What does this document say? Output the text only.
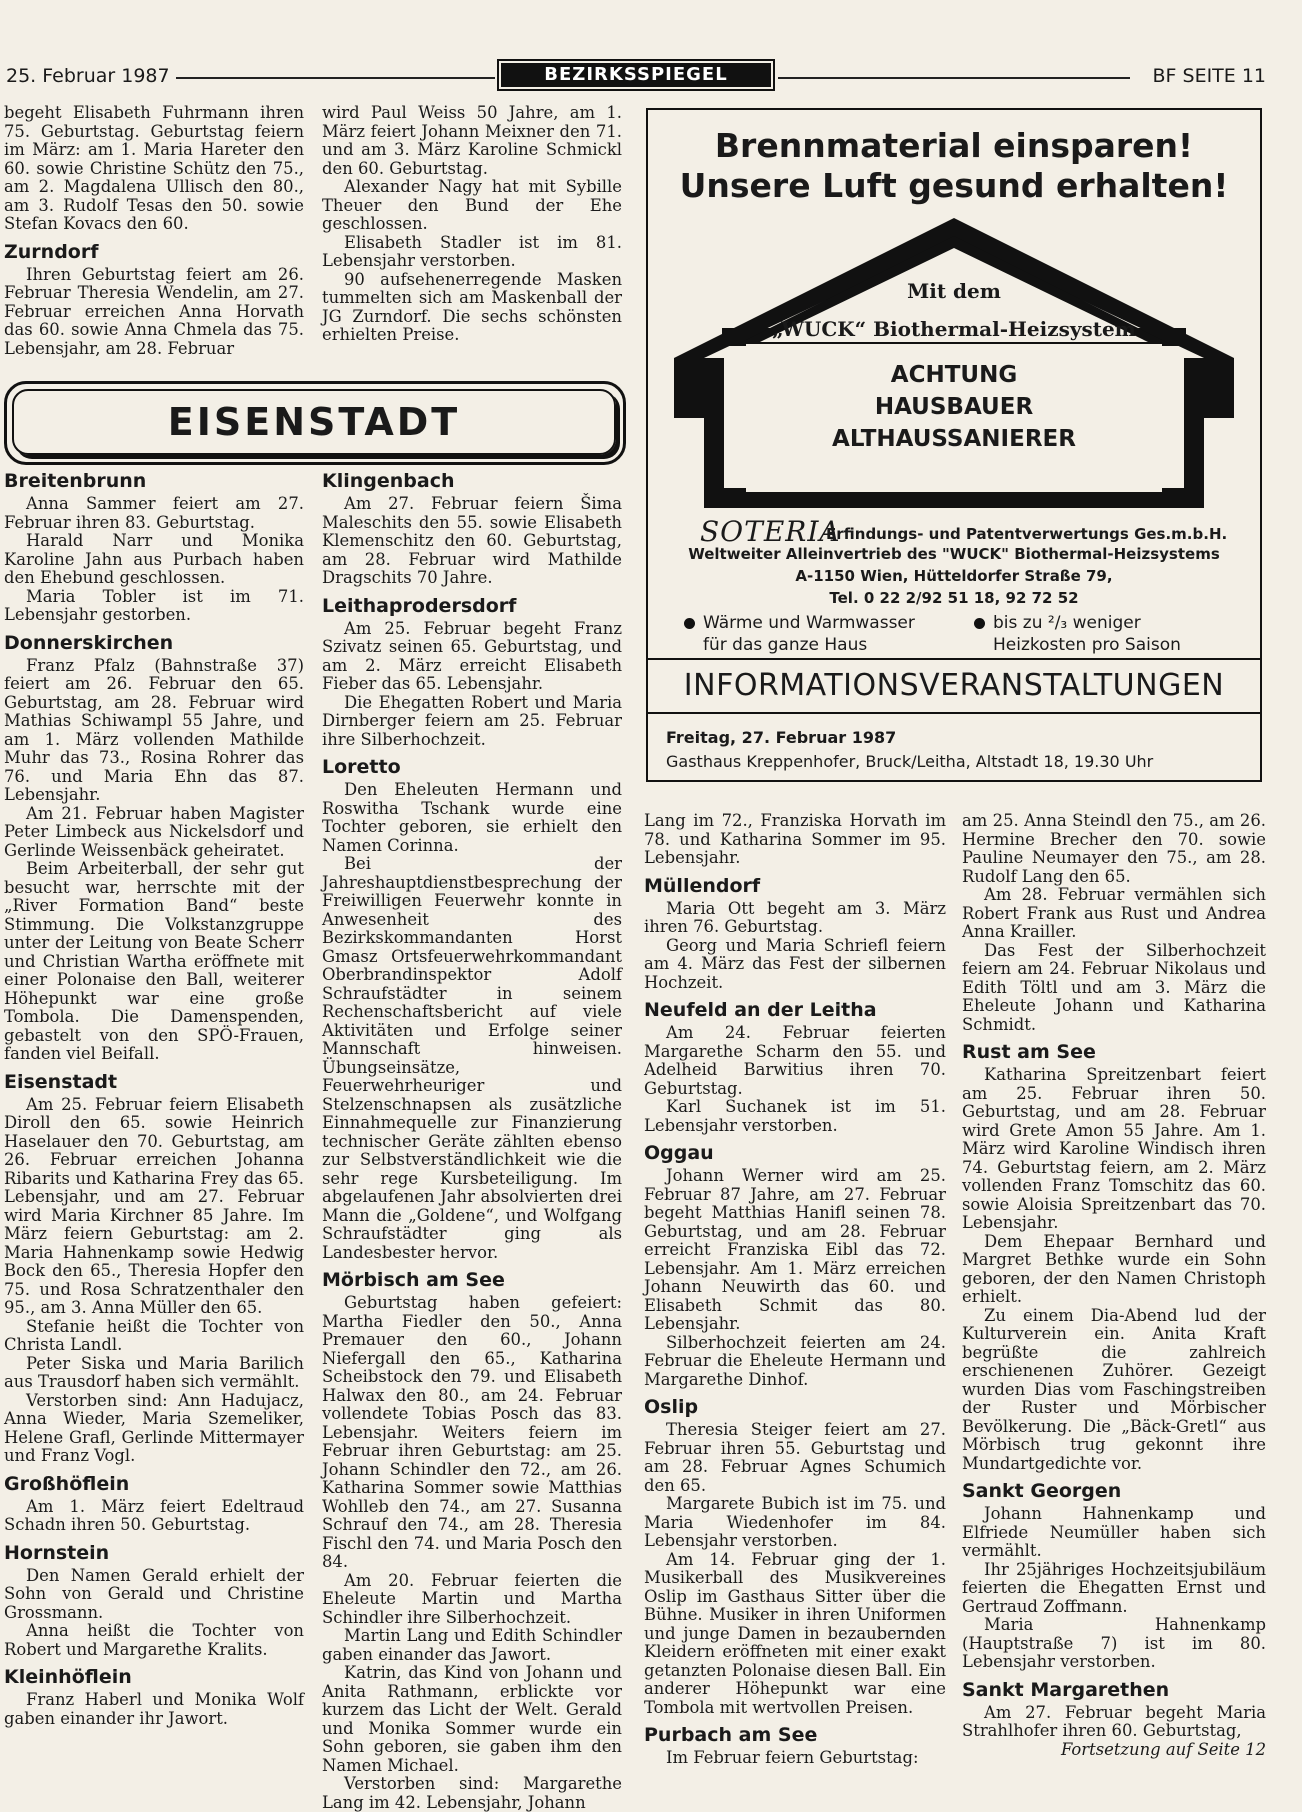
25. Februar 1987	BEZIRKSSPIEGEL	BF SEITE 11

begeht Elisabeth Fuhrmann ihren 75. Geburtstag. Geburtstag feiern im März: am 1. Maria Hareter den 60. sowie Christine Schütz den 75., am 2. Magdalena Ullisch den 80., am 3. Rudolf Tesas den 50. sowie Stefan Kovacs den 60.

Zurndorf

Ihren Geburtstag feiert am 26. Februar Theresia Wendelin, am 27. Februar erreichen Anna Horvath das 60. sowie Anna Chmela das 75. Lebensjahr, am 28. Februar

wird Paul Weiss 50 Jahre, am 1. März feiert Johann Meixner den 71. und am 3. März Karoline Schmickl den 60. Geburtstag.

Alexander Nagy hat mit Sybille Theuer den Bund der Ehe geschlossen.

Elisabeth Stadler ist im 81. Lebensjahr verstorben.

90 aufsehenerregende Masken tummelten sich am Maskenball der JG Zurndorf. Die sechs schönsten erhielten Preise.

EISENSTADT
Brennmaterial einsparen!
Unsere Luft gesund erhalten!
Mit dem
„WUCK“ Biothermal-Heizsystem
ACHTUNG
HAUSBAUER
ALTHAUSSANIERER
SOTERIA
Erfindungs- und Patentverwertungs Ges.m.b.H.
Weltweiter Alleinvertrieb des "WUCK" Biothermal-Heizsystems
A-1150 Wien, Hütteldorfer Straße 79,
Tel. 0 22 2/92 51 18, 92 72 52
Wärme und Warmwasser
für das ganze Haus
bis zu ²/₃ weniger
Heizkosten pro Saison
INFORMATIONSVERANSTALTUNGEN
Freitag, 27. Februar 1987
Gasthaus Kreppenhofer, Bruck/Leitha, Altstadt 18, 19.30 Uhr
Breitenbrunn

Anna Sammer feiert am 27. Februar ihren 83. Geburtstag.

Harald Narr und Monika Karoline Jahn aus Purbach haben den Ehebund geschlossen.

Maria Tobler ist im 71. Lebensjahr gestorben.

Donnerskirchen

Franz Pfalz (Bahnstraße 37) feiert am 26. Februar den 65. Geburtstag, am 28. Februar wird Mathias Schiwampl 55 Jahre, und am 1. März vollenden Mathilde Muhr das 73., Rosina Rohrer das 76. und Maria Ehn das 87. Lebensjahr.

Am 21. Februar haben Magister Peter Limbeck aus Nickelsdorf und Gerlinde Weissenbäck geheiratet.

Beim Arbeiterball, der sehr gut besucht war, herrschte mit der „River Formation Band“ beste Stimmung. Die Volkstanzgruppe unter der Leitung von Beate Scherr und Christian Wartha eröffnete mit einer Polonaise den Ball, weiterer Höhepunkt war eine große Tombola. Die Damenspenden, gebastelt von den SPÖ-Frauen, fanden viel Beifall.

Eisenstadt

Am 25. Februar feiern Elisabeth Diroll den 65. sowie Heinrich Haselauer den 70. Geburtstag, am 26. Februar erreichen Johanna Ribarits und Katharina Frey das 65. Lebensjahr, und am 27. Februar wird Maria Kirchner 85 Jahre. Im März feiern Geburtstag: am 2. Maria Hahnenkamp sowie Hedwig Bock den 65., Theresia Hopfer den 75. und Rosa Schratzenthaler den 95., am 3. Anna Müller den 65.

Stefanie heißt die Tochter von Christa Landl.

Peter Siska und Maria Barilich aus Trausdorf haben sich vermählt.

Verstorben sind: Ann Hadujacz, Anna Wieder, Maria Szemeliker, Helene Grafl, Gerlinde Mittermayer und Franz Vogl.

Großhöflein

Am 1. März feiert Edeltraud Schadn ihren 50. Geburtstag.

Hornstein

Den Namen Gerald erhielt der Sohn von Gerald und Christine Grossmann.

Anna heißt die Tochter von Robert und Margarethe Kralits.

Kleinhöflein

Franz Haberl und Monika Wolf gaben einander ihr Jawort.

Klingenbach

Am 27. Februar feiern Šima Maleschits den 55. sowie Elisabeth Klemenschitz den 60. Geburtstag, am 28. Februar wird Mathilde Dragschits 70 Jahre.

Leithaprodersdorf

Am 25. Februar begeht Franz Szivatz seinen 65. Geburtstag, und am 2. März erreicht Elisabeth Fieber das 65. Lebensjahr.

Die Ehegatten Robert und Maria Dirnberger feiern am 25. Februar ihre Silberhochzeit.

Loretto

Den Eheleuten Hermann und Roswitha Tschank wurde eine Tochter geboren, sie erhielt den Namen Corinna.

Bei der Jahreshauptdienstbesprechung der Freiwilligen Feuerwehr konnte in Anwesenheit des Bezirkskommandanten Horst Gmasz Ortsfeuerwehrkommandant Oberbrandinspektor Adolf Schraufstädter in seinem Rechenschaftsbericht auf viele Aktivitäten und Erfolge seiner Mannschaft hinweisen. Übungseinsätze, Feuerwehrheuriger und Stelzenschnapsen als zusätzliche Einnahmequelle zur Finanzierung technischer Geräte zählten ebenso zur Selbstverständlichkeit wie die sehr rege Kursbeteiligung. Im abgelaufenen Jahr absolvierten drei Mann die „Goldene“, und Wolfgang Schraufstädter ging als Landesbester hervor.

Mörbisch am See

Geburtstag haben gefeiert: Martha Fiedler den 50., Anna Premauer den 60., Johann Niefergall den 65., Katharina Scheibstock den 79. und Elisabeth Halwax den 80., am 24. Februar vollendete Tobias Posch das 83. Lebensjahr. Weiters feiern im Februar ihren Geburtstag: am 25. Johann Schindler den 72., am 26. Katharina Sommer sowie Matthias Wohlleb den 74., am 27. Susanna Schrauf den 74., am 28. Theresia Fischl den 74. und Maria Posch den 84.

Am 20. Februar feierten die Eheleute Martin und Martha Schindler ihre Silberhochzeit.

Martin Lang und Edith Schindler gaben einander das Jawort.

Katrin, das Kind von Johann und Anita Rathmann, erblickte vor kurzem das Licht der Welt. Gerald und Monika Sommer wurde ein Sohn geboren, sie gaben ihm den Namen Michael.

Verstorben sind: Margarethe Lang im 42. Lebensjahr, Johann

Lang im 72., Franziska Horvath im 78. und Katharina Sommer im 95. Lebensjahr.

Müllendorf

Maria Ott begeht am 3. März ihren 76. Geburtstag.

Georg und Maria Schriefl feiern am 4. März das Fest der silbernen Hochzeit.

Neufeld an der Leitha

Am 24. Februar feierten Margarethe Scharm den 55. und Adelheid Barwitius ihren 70. Geburtstag.

Karl Suchanek ist im 51. Lebensjahr verstorben.

Oggau

Johann Werner wird am 25. Februar 87 Jahre, am 27. Februar begeht Matthias Hanifl seinen 78. Geburtstag, und am 28. Februar erreicht Franziska Eibl das 72. Lebensjahr. Am 1. März erreichen Johann Neuwirth das 60. und Elisabeth Schmit das 80. Lebensjahr.

Silberhochzeit feierten am 24. Februar die Eheleute Hermann und Margarethe Dinhof.

Oslip

Theresia Steiger feiert am 27. Februar ihren 55. Geburtstag und am 28. Februar Agnes Schumich den 65.

Margarete Bubich ist im 75. und Maria Wiedenhofer im 84. Lebensjahr verstorben.

Am 14. Februar ging der 1. Musikerball des Musikvereines Oslip im Gasthaus Sitter über die Bühne. Musiker in ihren Uniformen und junge Damen in bezaubernden Kleidern eröffneten mit einer exakt getanzten Polonaise diesen Ball. Ein anderer Höhepunkt war eine Tombola mit wertvollen Preisen.

Purbach am See

Im Februar feiern Geburtstag:

am 25. Anna Steindl den 75., am 26. Hermine Brecher den 70. sowie Pauline Neumayer den 75., am 28. Rudolf Lang den 65.

Am 28. Februar vermählen sich Robert Frank aus Rust und Andrea Anna Krailler.

Das Fest der Silberhochzeit feiern am 24. Februar Nikolaus und Edith Töltl und am 3. März die Eheleute Johann und Katharina Schmidt.

Rust am See

Katharina Spreitzenbart feiert am 25. Februar ihren 50. Geburtstag, und am 28. Februar wird Grete Amon 55 Jahre. Am 1. März wird Karoline Windisch ihren 74. Geburtstag feiern, am 2. März vollenden Franz Tomschitz das 60. sowie Aloisia Spreitzenbart das 70. Lebensjahr.

Dem Ehepaar Bernhard und Margret Bethke wurde ein Sohn geboren, der den Namen Christoph erhielt.

Zu einem Dia-Abend lud der Kulturverein ein. Anita Kraft begrüßte die zahlreich erschienenen Zuhörer. Gezeigt wurden Dias vom Faschingstreiben der Ruster und Mörbischer Bevölkerung. Die „Bäck-Gretl“ aus Mörbisch trug gekonnt ihre Mundartgedichte vor.

Sankt Georgen

Johann Hahnenkamp und Elfriede Neumüller haben sich vermählt.

Ihr 25jähriges Hochzeitsjubiläum feierten die Ehegatten Ernst und Gertraud Zoffmann.

Maria Hahnenkamp (Hauptstraße 7) ist im 80. Lebensjahr verstorben.

Sankt Margarethen

Am 27. Februar begeht Maria Strahlhofer ihren 60. Geburtstag,

Fortsetzung auf Seite 12
